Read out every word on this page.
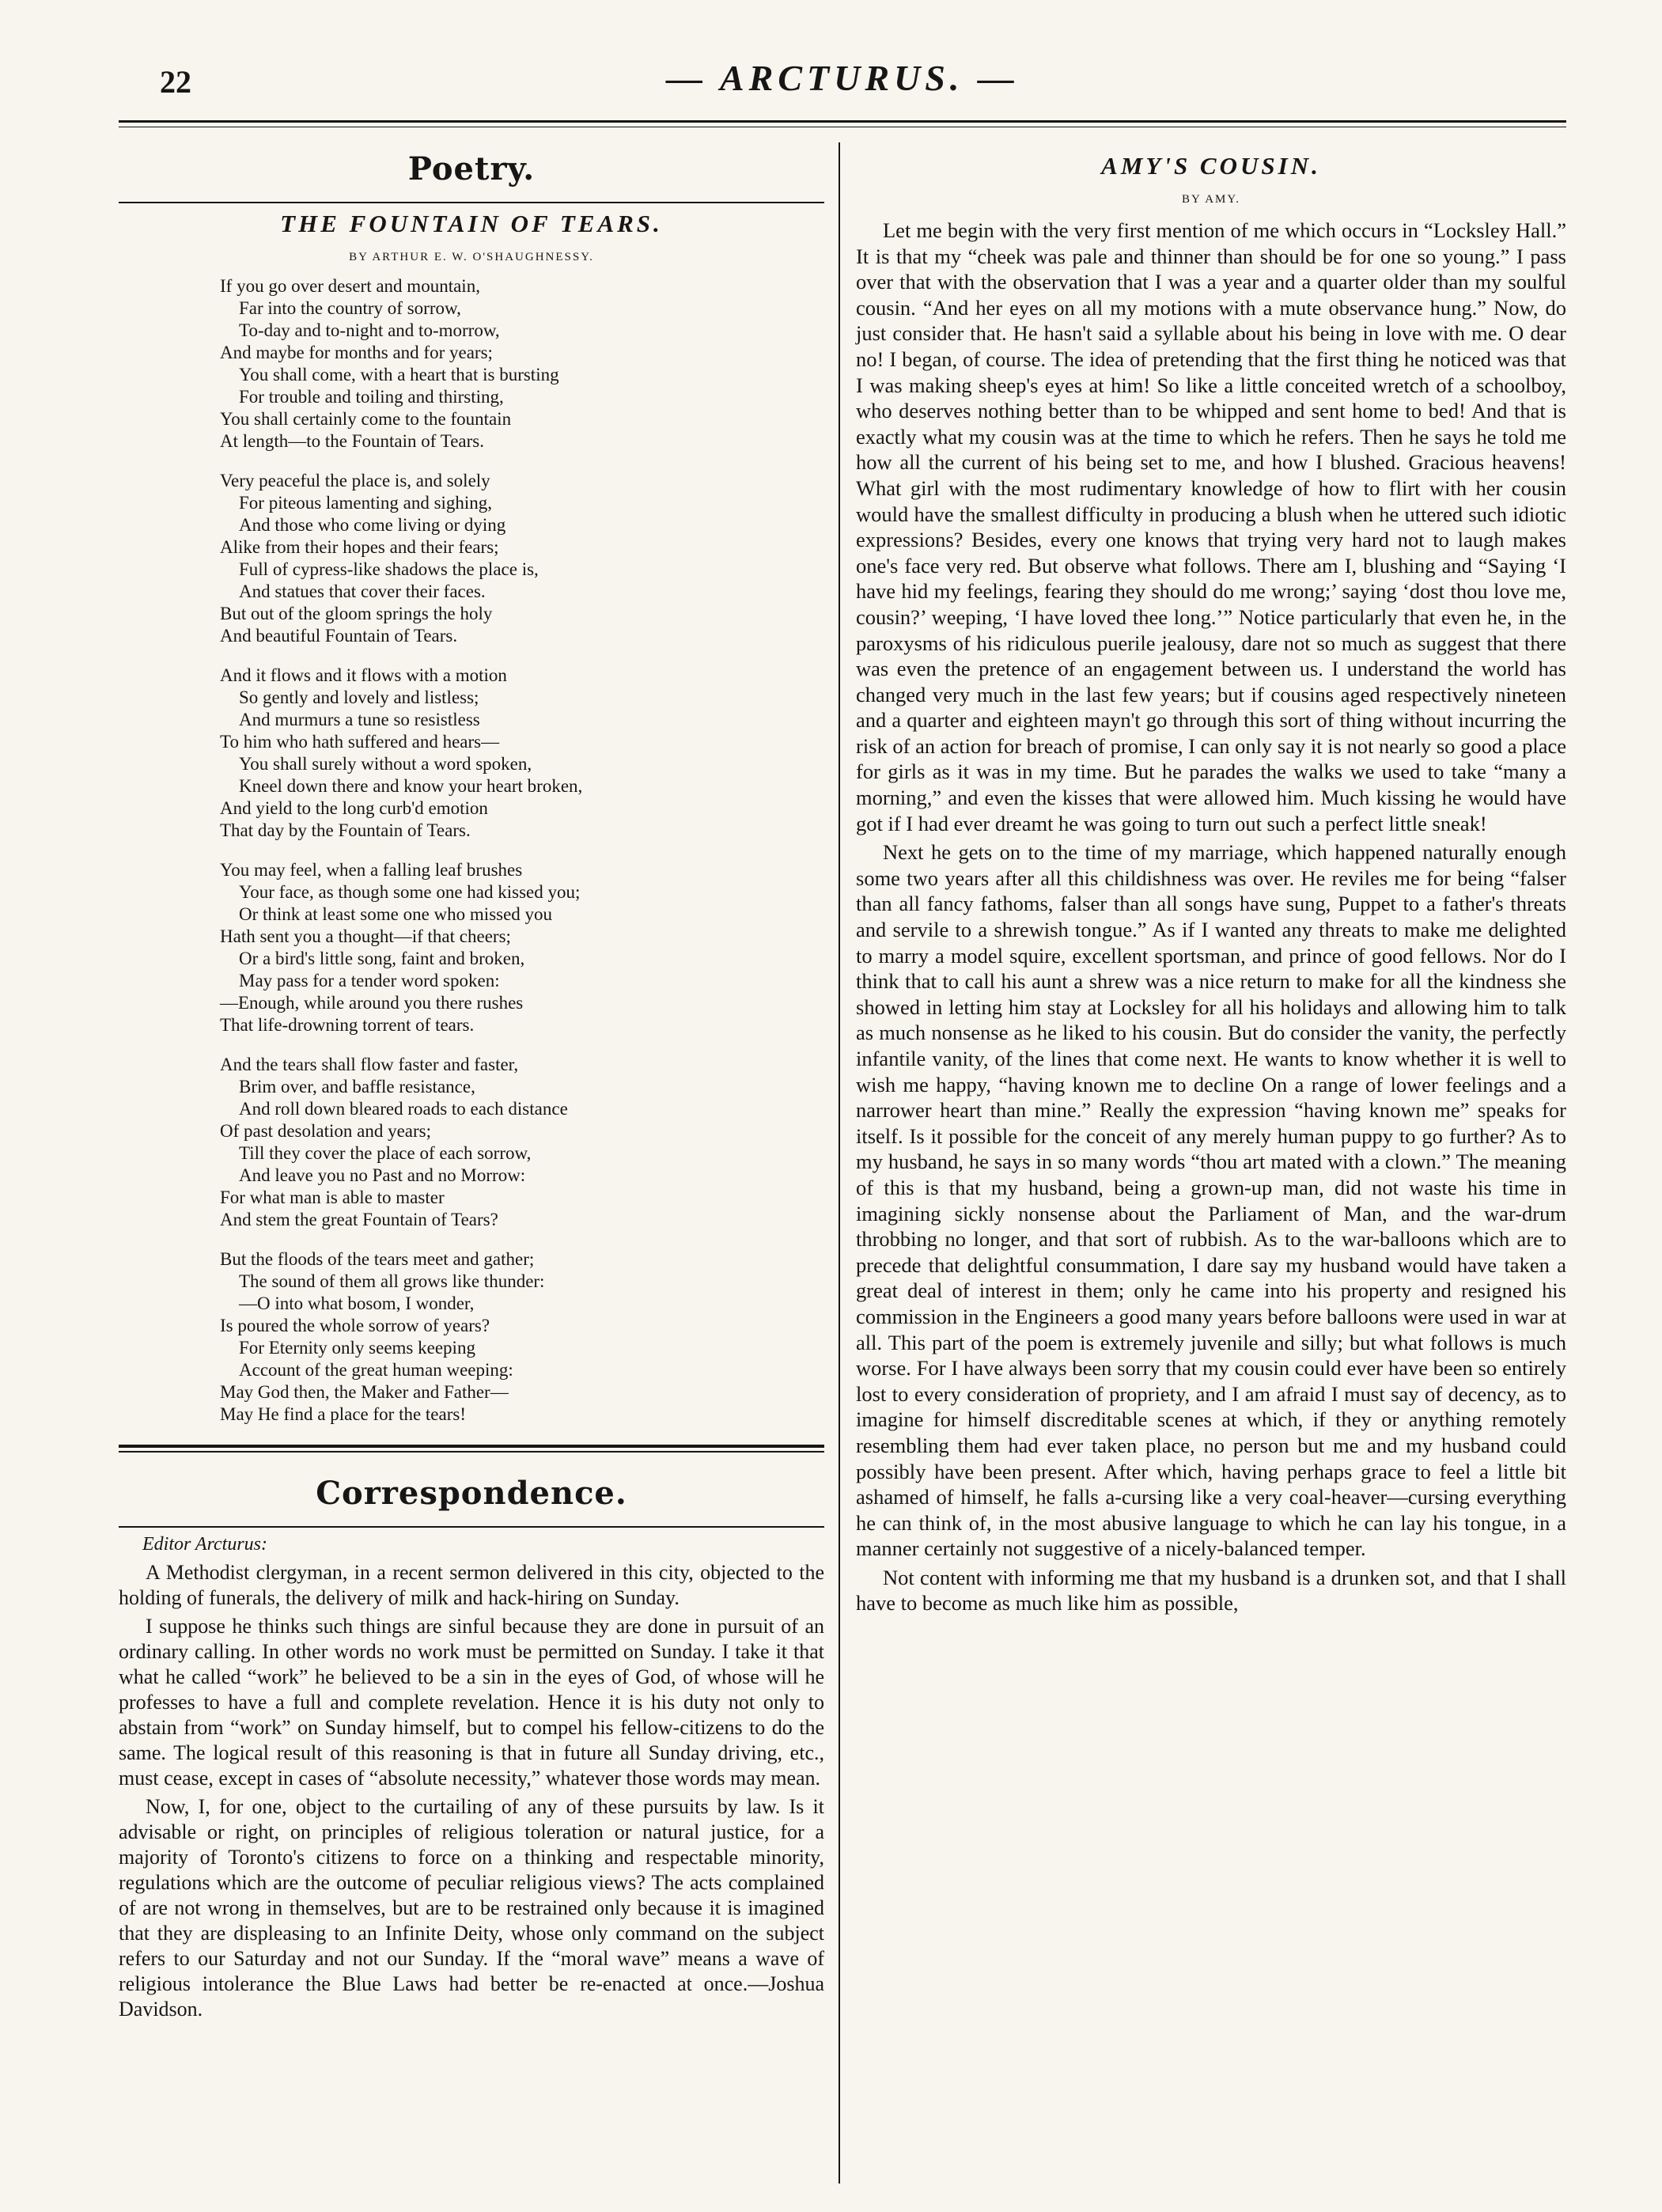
22	— ARCTURUS. —
Poetry.
THE FOUNTAIN OF TEARS.
BY ARTHUR E. W. O'SHAUGHNESSY.
If you go over desert and mountain,
Far into the country of sorrow,
To-day and to-night and to-morrow,
And maybe for months and for years;
You shall come, with a heart that is bursting
For trouble and toiling and thirsting,
You shall certainly come to the fountain
At length—to the Fountain of Tears.
Very peaceful the place is, and solely
For piteous lamenting and sighing,
And those who come living or dying
Alike from their hopes and their fears;
Full of cypress-like shadows the place is,
And statues that cover their faces.
But out of the gloom springs the holy
And beautiful Fountain of Tears.
And it flows and it flows with a motion
So gently and lovely and listless;
And murmurs a tune so resistless
To him who hath suffered and hears—
You shall surely without a word spoken,
Kneel down there and know your heart broken,
And yield to the long curb'd emotion
That day by the Fountain of Tears.
You may feel, when a falling leaf brushes
Your face, as though some one had kissed you;
Or think at least some one who missed you
Hath sent you a thought—if that cheers;
Or a bird's little song, faint and broken,
May pass for a tender word spoken:
—Enough, while around you there rushes
That life-drowning torrent of tears.
And the tears shall flow faster and faster,
Brim over, and baffle resistance,
And roll down bleared roads to each distance
Of past desolation and years;
Till they cover the place of each sorrow,
And leave you no Past and no Morrow:
For what man is able to master
And stem the great Fountain of Tears?
But the floods of the tears meet and gather;
The sound of them all grows like thunder:
—O into what bosom, I wonder,
Is poured the whole sorrow of years?
For Eternity only seems keeping
Account of the great human weeping:
May God then, the Maker and Father—
May He find a place for the tears!
Correspondence.
Editor Arcturus:

A Methodist clergyman, in a recent sermon delivered in this city, objected to the holding of funerals, the delivery of milk and hack-hiring on Sunday.

I suppose he thinks such things are sinful because they are done in pursuit of an ordinary calling. In other words no work must be permitted on Sunday. I take it that what he called “work” he believed to be a sin in the eyes of God, of whose will he professes to have a full and complete revelation. Hence it is his duty not only to abstain from “work” on Sunday himself, but to compel his fellow-citizens to do the same. The logical result of this reasoning is that in future all Sunday driving, etc., must cease, except in cases of “absolute necessity,” whatever those words may mean.

Now, I, for one, object to the curtailing of any of these pursuits by law. Is it advisable or right, on principles of religious toleration or natural justice, for a majority of Toronto's citizens to force on a thinking and respectable minority, regulations which are the outcome of peculiar religious views? The acts complained of are not wrong in themselves, but are to be restrained only because it is imagined that they are displeasing to an Infinite Deity, whose only command on the subject refers to our Saturday and not our Sunday. If the “moral wave” means a wave of religious intolerance the Blue Laws had better be re-enacted at once.—Joshua Davidson.

AMY'S COUSIN.
BY AMY.

Let me begin with the very first mention of me which occurs in “Locksley Hall.” It is that my “cheek was pale and thinner than should be for one so young.” I pass over that with the observation that I was a year and a quarter older than my soulful cousin. “And her eyes on all my motions with a mute observance hung.” Now, do just consider that. He hasn't said a syllable about his being in love with me. O dear no! I began, of course. The idea of pretending that the first thing he noticed was that I was making sheep's eyes at him! So like a little conceited wretch of a schoolboy, who deserves nothing better than to be whipped and sent home to bed! And that is exactly what my cousin was at the time to which he refers. Then he says he told me how all the current of his being set to me, and how I blushed. Gracious heavens! What girl with the most rudimentary knowledge of how to flirt with her cousin would have the smallest difficulty in producing a blush when he uttered such idiotic expressions? Besides, every one knows that trying very hard not to laugh makes one's face very red. But observe what follows. There am I, blushing and “Saying ‘I have hid my feelings, fearing they should do me wrong;’ saying ‘dost thou love me, cousin?’ weeping, ‘I have loved thee long.’” Notice particularly that even he, in the paroxysms of his ridiculous puerile jealousy, dare not so much as suggest that there was even the pretence of an engagement between us. I understand the world has changed very much in the last few years; but if cousins aged respectively nineteen and a quarter and eighteen mayn't go through this sort of thing without incurring the risk of an action for breach of promise, I can only say it is not nearly so good a place for girls as it was in my time. But he parades the walks we used to take “many a morning,” and even the kisses that were allowed him. Much kissing he would have got if I had ever dreamt he was going to turn out such a perfect little sneak!

Next he gets on to the time of my marriage, which happened naturally enough some two years after all this childishness was over. He reviles me for being “falser than all fancy fathoms, falser than all songs have sung, Puppet to a father's threats and servile to a shrewish tongue.” As if I wanted any threats to make me delighted to marry a model squire, excellent sportsman, and prince of good fellows. Nor do I think that to call his aunt a shrew was a nice return to make for all the kindness she showed in letting him stay at Locksley for all his holidays and allowing him to talk as much nonsense as he liked to his cousin. But do consider the vanity, the perfectly infantile vanity, of the lines that come next. He wants to know whether it is well to wish me happy, “having known me to decline On a range of lower feelings and a narrower heart than mine.” Really the expression “having known me” speaks for itself. Is it possible for the conceit of any merely human puppy to go further? As to my husband, he says in so many words “thou art mated with a clown.” The meaning of this is that my husband, being a grown-up man, did not waste his time in imagining sickly nonsense about the Parliament of Man, and the war-drum throbbing no longer, and that sort of rubbish. As to the war-balloons which are to precede that delightful consummation, I dare say my husband would have taken a great deal of interest in them; only he came into his property and resigned his commission in the Engineers a good many years before balloons were used in war at all. This part of the poem is extremely juvenile and silly; but what follows is much worse. For I have always been sorry that my cousin could ever have been so entirely lost to every consideration of propriety, and I am afraid I must say of decency, as to imagine for himself discreditable scenes at which, if they or anything remotely resembling them had ever taken place, no person but me and my husband could possibly have been present. After which, having perhaps grace to feel a little bit ashamed of himself, he falls a-cursing like a very coal-heaver—cursing everything he can think of, in the most abusive language to which he can lay his tongue, in a manner certainly not suggestive of a nicely-balanced temper.

Not content with informing me that my husband is a drunken sot, and that I shall have to become as much like him as possible,
